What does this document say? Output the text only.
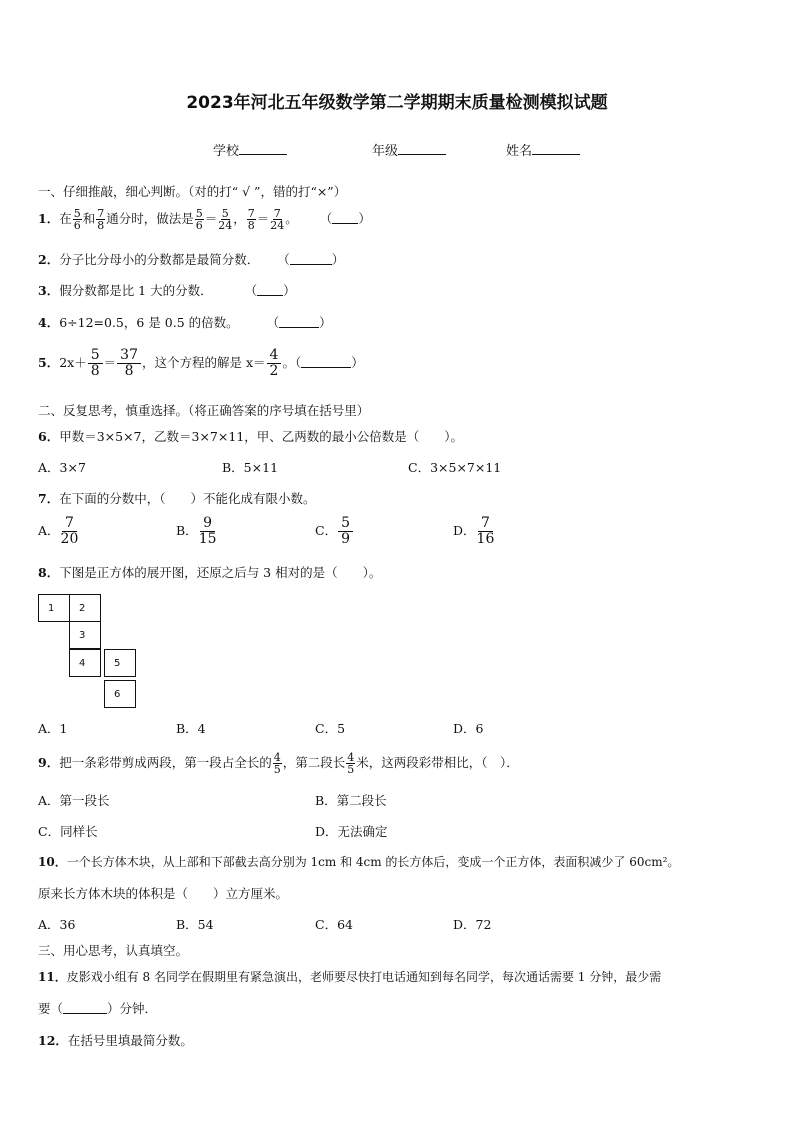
2023年河北五年级数学第二学期期末质量检测模拟试题
学校	年级	姓名
一、仔细推敲，细心判断。（对的打“ √ ”，错的打“×”）
1．在 $\frac{5}{6}$ 和 $\frac{7}{8}$ 通分时，做法是 $\frac{5}{6} = \frac{5}{24}$ ， $\frac{7}{8} = \frac{7}{24}$ 。 （ ）
2．分子比分母小的分数都是最简分数． （	）
3．假分数都是比 1 大的分数．	（ ）
4．6÷12=0.5，6 是 0.5 的倍数。 （	）
5．$2x+ \frac{5}{8} = \frac{37}{8}$ ，这个方程的解是 $x= \frac{4}{2}$ 。（	）
二、反复思考，慎重选择。（将正确答案的序号填在括号里）
6．甲数＝3×5×7，乙数＝3×7×11，甲、乙两数的最小公倍数是（　　）。
A．3×7	B．5×11	C．3×5×7×11
7．在下面的分数中，（　　）不能化成有限小数。
A． $\frac{7}{20}$	B． $\frac{9}{15}$	C． $\frac{5}{9}$	D． $\frac{7}{16}$
8．下图是正方体的展开图，还原之后与 3 相对的是（　　）。
1	2
3
4	5
6
A．1	B．4	C．5	D．6
9．把一条彩带剪成两段，第一段占全长的 $\frac{4}{5}$ ，第二段长 $\frac{4}{5}$ 米，这两段彩带相比，（　）．
A．第一段长	B．第二段长
C．同样长	D．无法确定
10．一个长方体木块，从上部和下部截去高分别为 1cm 和 4cm 的长方体后，变成一个正方体，表面积减少了 60cm²。
原来长方体木块的体积是（　　）立方厘米。
A．36	B．54	C．64	D．72
三、用心思考，认真填空。
11．皮影戏小组有 8 名同学在假期里有紧急演出，老师要尽快打电话通知到每名同学，每次通话需要 1 分钟，最少需
要（	）分钟．
12．在括号里填最简分数。
